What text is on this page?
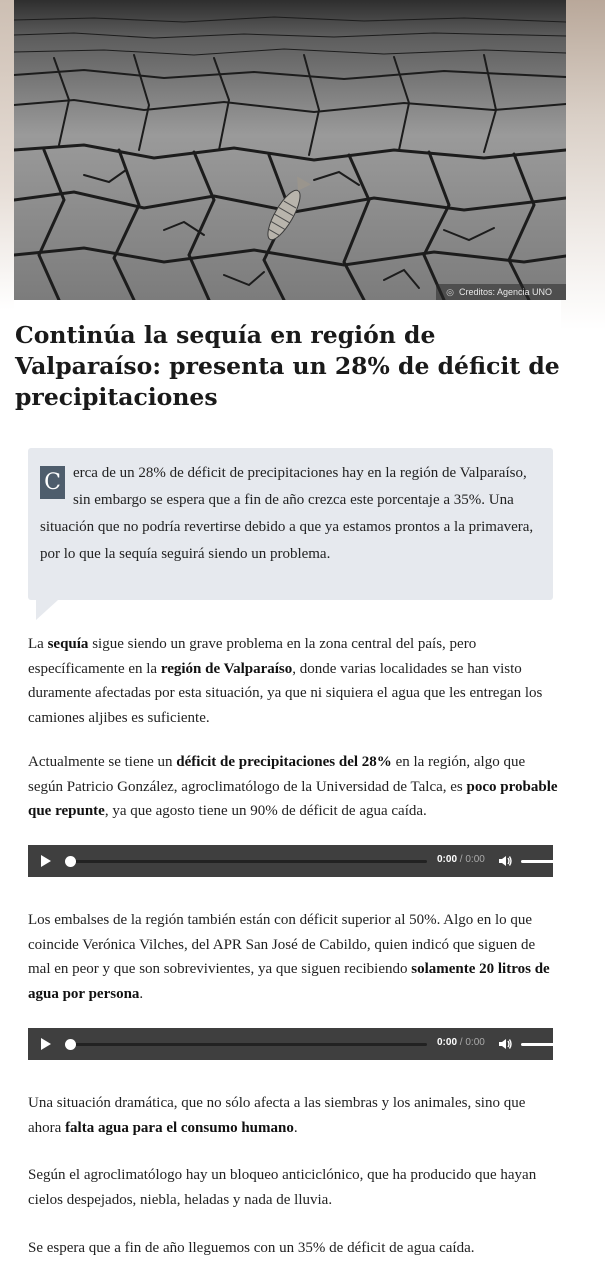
◎ Creditos: Agencia UNO
Continúa la sequía en región de Valparaíso: presenta un 28% de déficit de precipitaciones
C erca de un 28% de déficit de precipitaciones hay en la región de Valparaíso, sin embargo se espera que a fin de año crezca este porcentaje a 35%. Una situación que no podría revertirse debido a que ya estamos prontos a la primavera, por lo que la sequía seguirá siendo un problema.

La sequía sigue siendo un grave problema en la zona central del país, pero específicamente en la región de Valparaíso, donde varias localidades se han visto duramente afectadas por esta situación, ya que ni siquiera el agua que les entregan los camiones aljibes es suficiente.

Actualmente se tiene un déficit de precipitaciones del 28% en la región, algo que según Patricio González, agroclimatólogo de la Universidad de Talca, es poco probable que repunte, ya que agosto tiene un 90% de déficit de agua caída.

0:00 / 0:00

Los embalses de la región también están con déficit superior al 50%. Algo en lo que coincide Verónica Vilches, del APR San José de Cabildo, quien indicó que siguen de mal en peor y que son sobrevivientes, ya que siguen recibiendo solamente 20 litros de agua por persona.

0:00 / 0:00

Una situación dramática, que no sólo afecta a las siembras y los animales, sino que ahora falta agua para el consumo humano.

Según el agroclimatólogo hay un bloqueo anticiclónico, que ha producido que hayan cielos despejados, niebla, heladas y nada de lluvia.

Se espera que a fin de año lleguemos con un 35% de déficit de agua caída.
